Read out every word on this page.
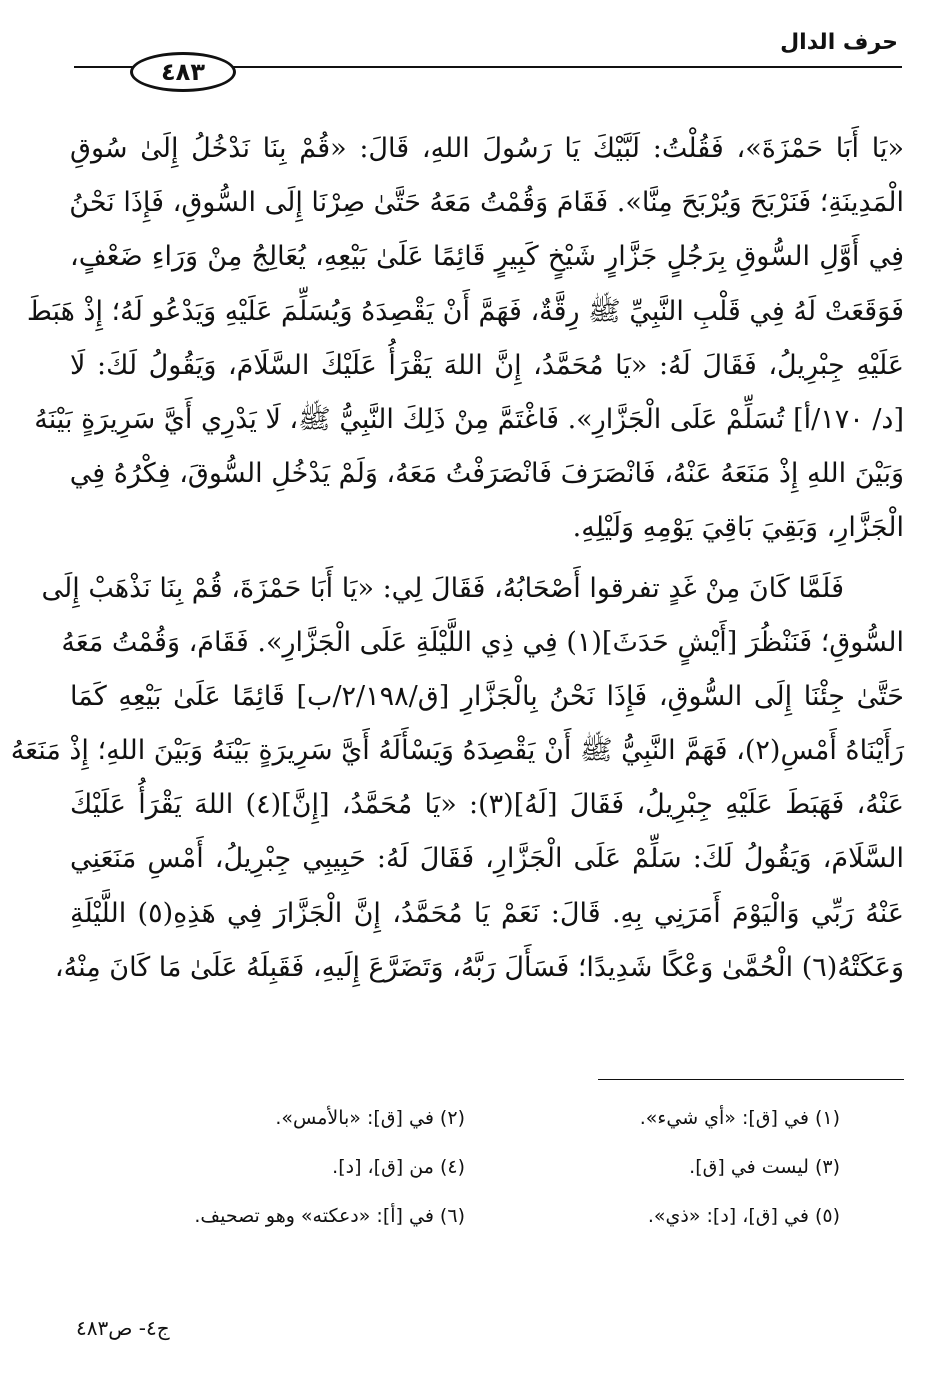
حرف الدال
٤٨٣
«يَا أَبَا حَمْزَةَ»، فَقُلْتُ: لَبَّيْكَ يَا رَسُولَ اللهِ، قَالَ: «قُمْ بِنَا نَدْخُلُ إِلَىٰ سُوقِ
الْمَدِينَةِ؛ فَنَرْبَحَ وَيُرْبَحَ مِنَّا». فَقَامَ وَقُمْتُ مَعَهُ حَتَّىٰ صِرْنَا إِلَى السُّوقِ، فَإِذَا نَحْنُ
فِي أَوَّلِ السُّوقِ بِرَجُلٍ جَزَّارٍ شَيْخٍ كَبِيرٍ قَائِمًا عَلَىٰ بَيْعِهِ، يُعَالِجُ مِنْ وَرَاءِ ضَعْفٍ،
فَوَقَعَتْ لَهُ فِي قَلْبِ النَّبِيِّ ﷺ رِقَّةٌ، فَهَمَّ أَنْ يَقْصِدَهُ وَيُسَلِّمَ عَلَيْهِ وَيَدْعُو لَهُ؛ إِذْ هَبَطَ
عَلَيْهِ جِبْرِيلُ، فَقَالَ لَهُ: «يَا مُحَمَّدُ، إِنَّ اللهَ يَقْرَأُ عَلَيْكَ السَّلَامَ، وَيَقُولُ لَكَ: لَا
[د/ ١٧٠/أ] تُسَلِّمْ عَلَى الْجَزَّارِ». فَاغْتَمَّ مِنْ ذَلِكَ النَّبِيُّ ﷺ، لَا يَدْرِي أَيَّ سَرِيرَةٍ بَيْنَهُ
وَبَيْنَ اللهِ إِذْ مَنَعَهُ عَنْهُ، فَانْصَرَفَ فَانْصَرَفْتُ مَعَهُ، وَلَمْ يَدْخُلِ السُّوقَ، فِكْرُهُ فِي
الْجَزَّارِ، وَبَقِيَ بَاقِيَ يَوْمِهِ وَلَيْلِهِ.
فَلَمَّا كَانَ مِنْ غَدٍ تفرقوا أَصْحَابُهُ، فَقَالَ لِي: «يَا أَبَا حَمْزَةَ، قُمْ بِنَا نَذْهَبْ إِلَى
السُّوقِ؛ فَنَنْظُرَ [أَيْشٍ حَدَثَ](١) فِي ذِي اللَّيْلَةِ عَلَى الْجَزَّارِ». فَقَامَ، وَقُمْتُ مَعَهُ
حَتَّىٰ جِئْنَا إِلَى السُّوقِ، فَإِذَا نَحْنُ بِالْجَزَّارِ [ق/٢/١٩٨/ب] قَائِمًا عَلَىٰ بَيْعِهِ كَمَا
رَأَيْنَاهُ أَمْسِ(٢)، فَهَمَّ النَّبِيُّ ﷺ أَنْ يَقْصِدَهُ وَيَسْأَلَهُ أَيَّ سَرِيرَةٍ بَيْنَهُ وَبَيْنَ اللهِ؛ إِذْ مَنَعَهُ
عَنْهُ، فَهَبَطَ عَلَيْهِ جِبْرِيلُ، فَقَالَ [لَهُ](٣): «يَا مُحَمَّدُ، [إِنَّ](٤) اللهَ يَقْرَأُ عَلَيْكَ
السَّلَامَ، وَيَقُولُ لَكَ: سَلِّمْ عَلَى الْجَزَّارِ، فَقَالَ لَهُ: حَبِيبِي جِبْرِيلُ، أَمْسِ مَنَعَنِي
عَنْهُ رَبِّي وَالْيَوْمَ أَمَرَنِي بِهِ. قَالَ: نَعَمْ يَا مُحَمَّدُ، إِنَّ الْجَزَّارَ فِي هَذِهِ(٥) اللَّيْلَةِ
وَعَكَتْهُ(٦) الْحُمَّىٰ وَعْكًا شَدِيدًا؛ فَسَأَلَ رَبَّهُ، وَتَضَرَّعَ إِلَيهِ، فَقَبِلَهُ عَلَىٰ مَا كَانَ مِنْهُ،
(١) في [ق]: «أي شيء».
(٢) في [ق]: «بالأمس».
(٣) ليست في [ق].
(٤) من [ق]، [د].
(٥) في [ق]، [د]: «ذي».
(٦) في [أ]: «دعكته» وهو تصحيف.
ج٤- ص٤٨٣
